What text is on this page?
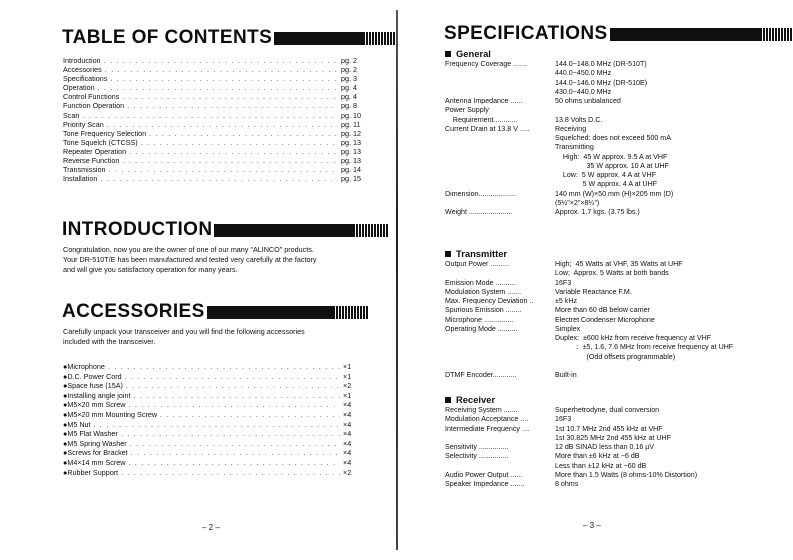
TABLE OF CONTENTS
Introduction . . .	pg. 2
Accessories . . .	pg. 2
Specifications . . .	pg. 3
Operation . . .	pg. 4
Control Functions . . .	pg. 4
Function Operation . . .	pg. 8
Scan . . .	pg. 10
Priority Scan . . .	pg. 11
Tone Frequency Selection . . .	pg. 12
Tone Squelch (CTCSS) . . .	pg. 13
Repeater Operation . . .	pg. 13
Reverse Function . . .	pg. 13
Transmission . . .	pg. 14
Installation . . .	pg. 15
INTRODUCTION

Congratulation, now you are the owner of one of our many "ALINCO" products.
Your DR-510T/E has been manufactured and tested very carefully at the factory
and will give you satisfactory operation for many years.

ACCESSORIES

Carefully unpack your transceiver and you will find the following accessories
included with the transceiver.

●Microphone . . .	×1
●D.C. Power Cord . . .	×1
●Space fuse (15A) . . .	×2
●Installing angle joint . . .	×1
●M5×20 mm Screw . . .	×4
●M5×20 mm Mounting Screw . . .	×4
●M5 Nut . . .	×4
●M5 Flat Washer . . .	×4
●M5 Spring Washer . . .	×4
●Screws for Bracket . . .	×4
●M4×14 mm Screw . . .	×4
●Rubber Support . . .	×2
– 2 –
SPECIFICATIONS
General
Frequency Coverage .......	144.0~148.0 MHz (DR-510T)
440.0~450.0 MHz
144.0~146.0 MHz (DR-510E)
430.0~440.0 MHz
Antenna Impedance ......	50 ohms unbalanced
Power Supply
Requirement............	13.8 Volts D.C.
Current Drain at 13.8 V .....	Receiving
Squelched: does not exceed 500 mA
Transmitting
High:  45 W approx. 9.5 A at VHF
35 W approx. 10 A at UHF
Low:  5 W approx. 4 A at VHF
5 W approx. 4 A at UHF
Dimension...................	140 mm (W)×50 mm (H)×205 mm (D)
(5½"×2"×8¼")
Weight ......................	Approx. 1.7 kgs. (3.75 lbs.)
Transmitter
Output Power ..........	High;  45 Watts at VHF, 35 Watts at UHF
Low;  Approx. 5 Watts at both bands
Emission Mode ..........	16F3
Modulation System .......	Variable Reactance F.M.
Max. Frequency Deviation ..	±5 kHz
Spurious Emission ........	More than 60 dB below carrier
Microphone ...............	Electret Condenser Microphone
Operating Mode ..........	Simplex
Duplex:  ±600 kHz from receive frequency at VHF
:  ±5, 1.6, 7.6 MHz from receive frequency at UHF
(Odd offsets programmable)
DTMF Encoder............	Built-in
Receiver
Receiving System .......	Superhetrodyne, dual conversion
Modulation Acceptance ....	16F3
Intermediate Frequency ....	1st 10.7 MHz 2nd 455 kHz at VHF
1st 30.825 MHz 2nd 455 kHz at UHF
Sensitivity ...............	12 dB SINAD less than 0.16 µV
Selectivity ...............	More than ±6 kHz at −6 dB
Less than ±12 kHz at −60 dB
Audio Power Output ......	More than 1.5 Watts (8 ohms-10% Distortion)
Speaker Impedance .......	8 ohms
– 3 –
